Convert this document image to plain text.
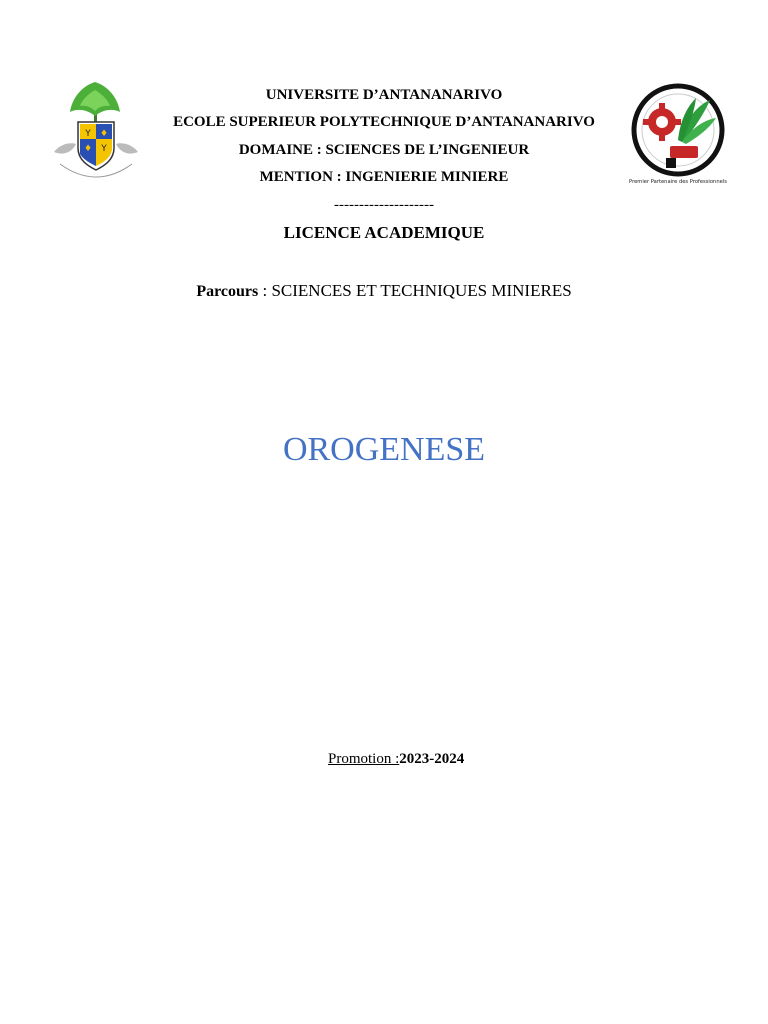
Y ♦
♦ Y
Premier Partenaire des Professionnels
UNIVERSITE D’ANTANANARIVO
ECOLE SUPERIEUR POLYTECHNIQUE D’ANTANANARIVO
DOMAINE : SCIENCES DE L’INGENIEUR
MENTION : INGENIERIE MINIERE
--------------------
LICENCE ACADEMIQUE
Parcours : SCIENCES ET TECHNIQUES MINIERES
OROGENESE
Promotion :2023-2024
